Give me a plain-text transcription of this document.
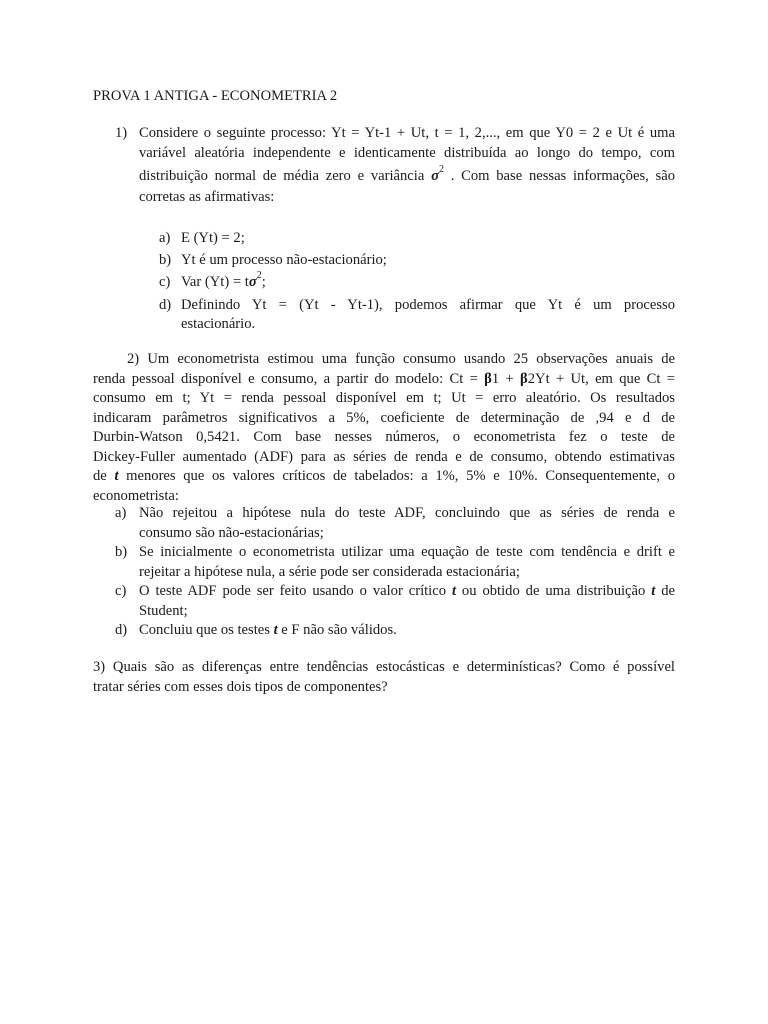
PROVA 1 ANTIGA - ECONOMETRIA 2
1) Considere o seguinte processo: Yt = Yt-1 + Ut, t = 1, 2,..., em que Y0 = 2 e Ut é uma
variável aleatória independente e identicamente distribuída ao longo do tempo, com
distribuição normal de média zero e variância $\sigma^2$ . Com base nessas informações, são
corretas as afirmativas:
a) E (Yt) = 2;
b) Yt é um processo não-estacionário;
c) Var $(Yt) = t\sigma^2$;
d) Definindo Yt = (Yt - Yt-1), podemos afirmar que Yt é um processo
estacionário.
2) Um econometrista estimou uma função consumo usando 25 observações anuais de
renda pessoal disponível e consumo, a partir do modelo: Ct = β1 + β2Yt + Ut, em que Ct =
consumo em t; Yt = renda pessoal disponível em t; Ut = erro aleatório. Os resultados
indicaram parâmetros significativos a 5%, coeficiente de determinação de ,94 e d de
Durbin-Watson 0,5421. Com base nesses números, o econometrista fez o teste de
Dickey-Fuller aumentado (ADF) para as séries de renda e de consumo, obtendo estimativas
de t menores que os valores críticos de tabelados: a 1%, 5% e 10%. Consequentemente, o
econometrista:
a) Não rejeitou a hipótese nula do teste ADF, concluindo que as séries de renda e
consumo são não-estacionárias;
b) Se inicialmente o econometrista utilizar uma equação de teste com tendência e drift e
rejeitar a hipótese nula, a série pode ser considerada estacionária;
c) O teste ADF pode ser feito usando o valor crítico t ou obtido de uma distribuição t de
Student;
d) Concluiu que os testes t e F não são válidos.
3) Quais são as diferenças entre tendências estocásticas e determinísticas? Como é possível
tratar séries com esses dois tipos de componentes?
